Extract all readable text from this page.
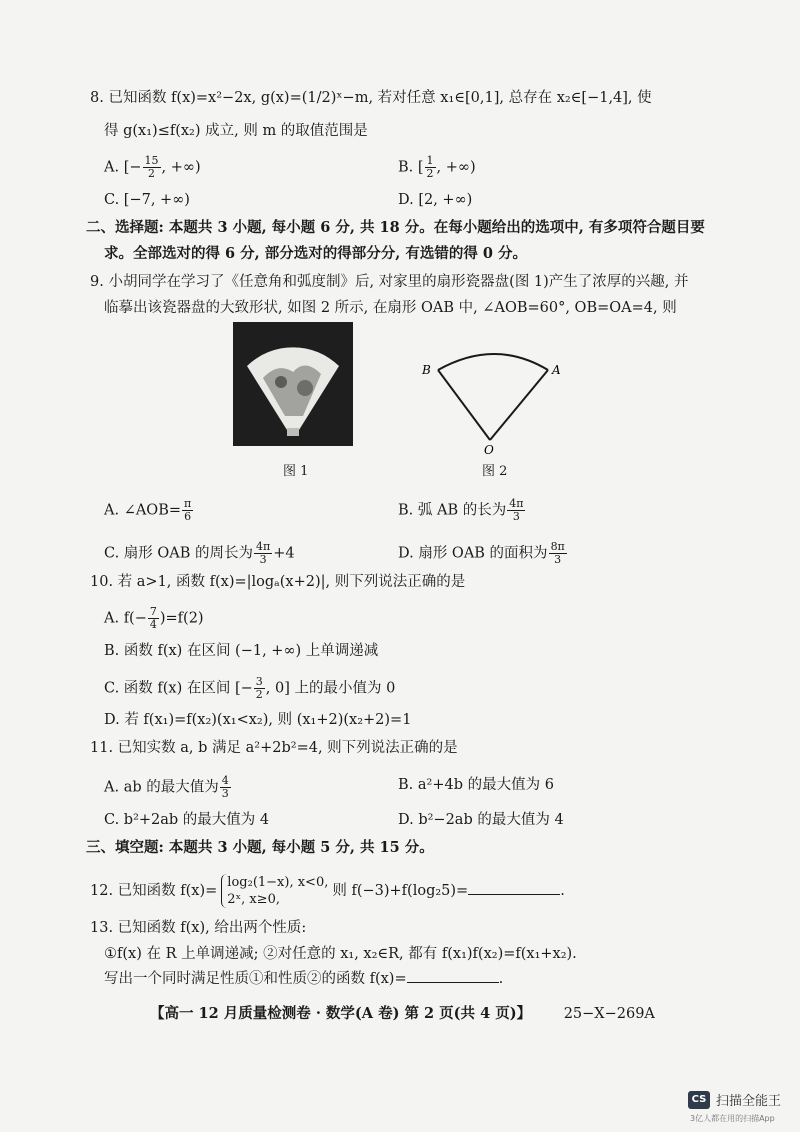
8. 已知函数 f(x)=x²−2x, g(x)=(1/2)ˣ−m, 若对任意 x₁∈[0,1], 总存在 x₂∈[−1,4], 使
得 g(x₁)≤f(x₂) 成立, 则 m 的取值范围是
A. [− $\frac{15}{2}$ , +∞)	B. [ $\frac{1}{2}$ , +∞)
C. [−7, +∞)	D. [2, +∞)
二、选择题: 本题共 3 小题, 每小题 6 分, 共 18 分。在每小题给出的选项中, 有多项符合题目要
求。全部选对的得 6 分, 部分选对的得部分分, 有选错的得 0 分。
9. 小胡同学在学习了《任意角和弧度制》后, 对家里的扇形瓷器盘(图 1)产生了浓厚的兴趣, 并
临摹出该瓷器盘的大致形状, 如图 2 所示, 在扇形 OAB 中, ∠AOB=60°, OB=OA=4, 则
图 1
B	A
O
图 2
A. ∠AOB= $\frac{\pi}{6}$	B. 弧 AB 的长为 $\frac{4\pi}{3}$
C. 扇形 OAB 的周长为 $\frac{4\pi}{3} +4$	D. 扇形 OAB 的面积为 $\frac{8\pi}{3}$
10. 若 a>1, 函数 f(x)=|logₐ(x+2)|, 则下列说法正确的是
A. $f(- \frac{7}{4} )=f(2)$
B. 函数 f(x) 在区间 (−1, +∞) 上单调递减
C. 函数 f(x) 在区间 [− $\frac{3}{2}$ , 0] 上的最小值为 0
D. 若 f(x₁)=f(x₂)(x₁<x₂), 则 (x₁+2)(x₂+2)=1
11. 已知实数 a, b 满足 a²+2b²=4, 则下列说法正确的是
A. ab 的最大值为 $\frac{4}{3}$	B. a²+4b 的最大值为 6
C. b²+2ab 的最大值为 4	D. b²−2ab 的最大值为 4
三、填空题: 本题共 3 小题, 每小题 5 分, 共 15 分。
12. 已知函数 f(x)=
log₂(1−x), x<0,
2ˣ, x≥0,
则 f(−3)+f(log₂5)=	.
13. 已知函数 f(x), 给出两个性质:
①f(x) 在 R 上单调递减; ②对任意的 x₁, x₂∈R, 都有 f(x₁)f(x₂)=f(x₁+x₂).
写出一个同时满足性质①和性质②的函数 f(x)=	.
【高一 12 月质量检测卷 · 数学(A 卷) 第 2 页(共 4 页)】 25−X−269A
CS 扫描全能王
3亿人都在用的扫描App
